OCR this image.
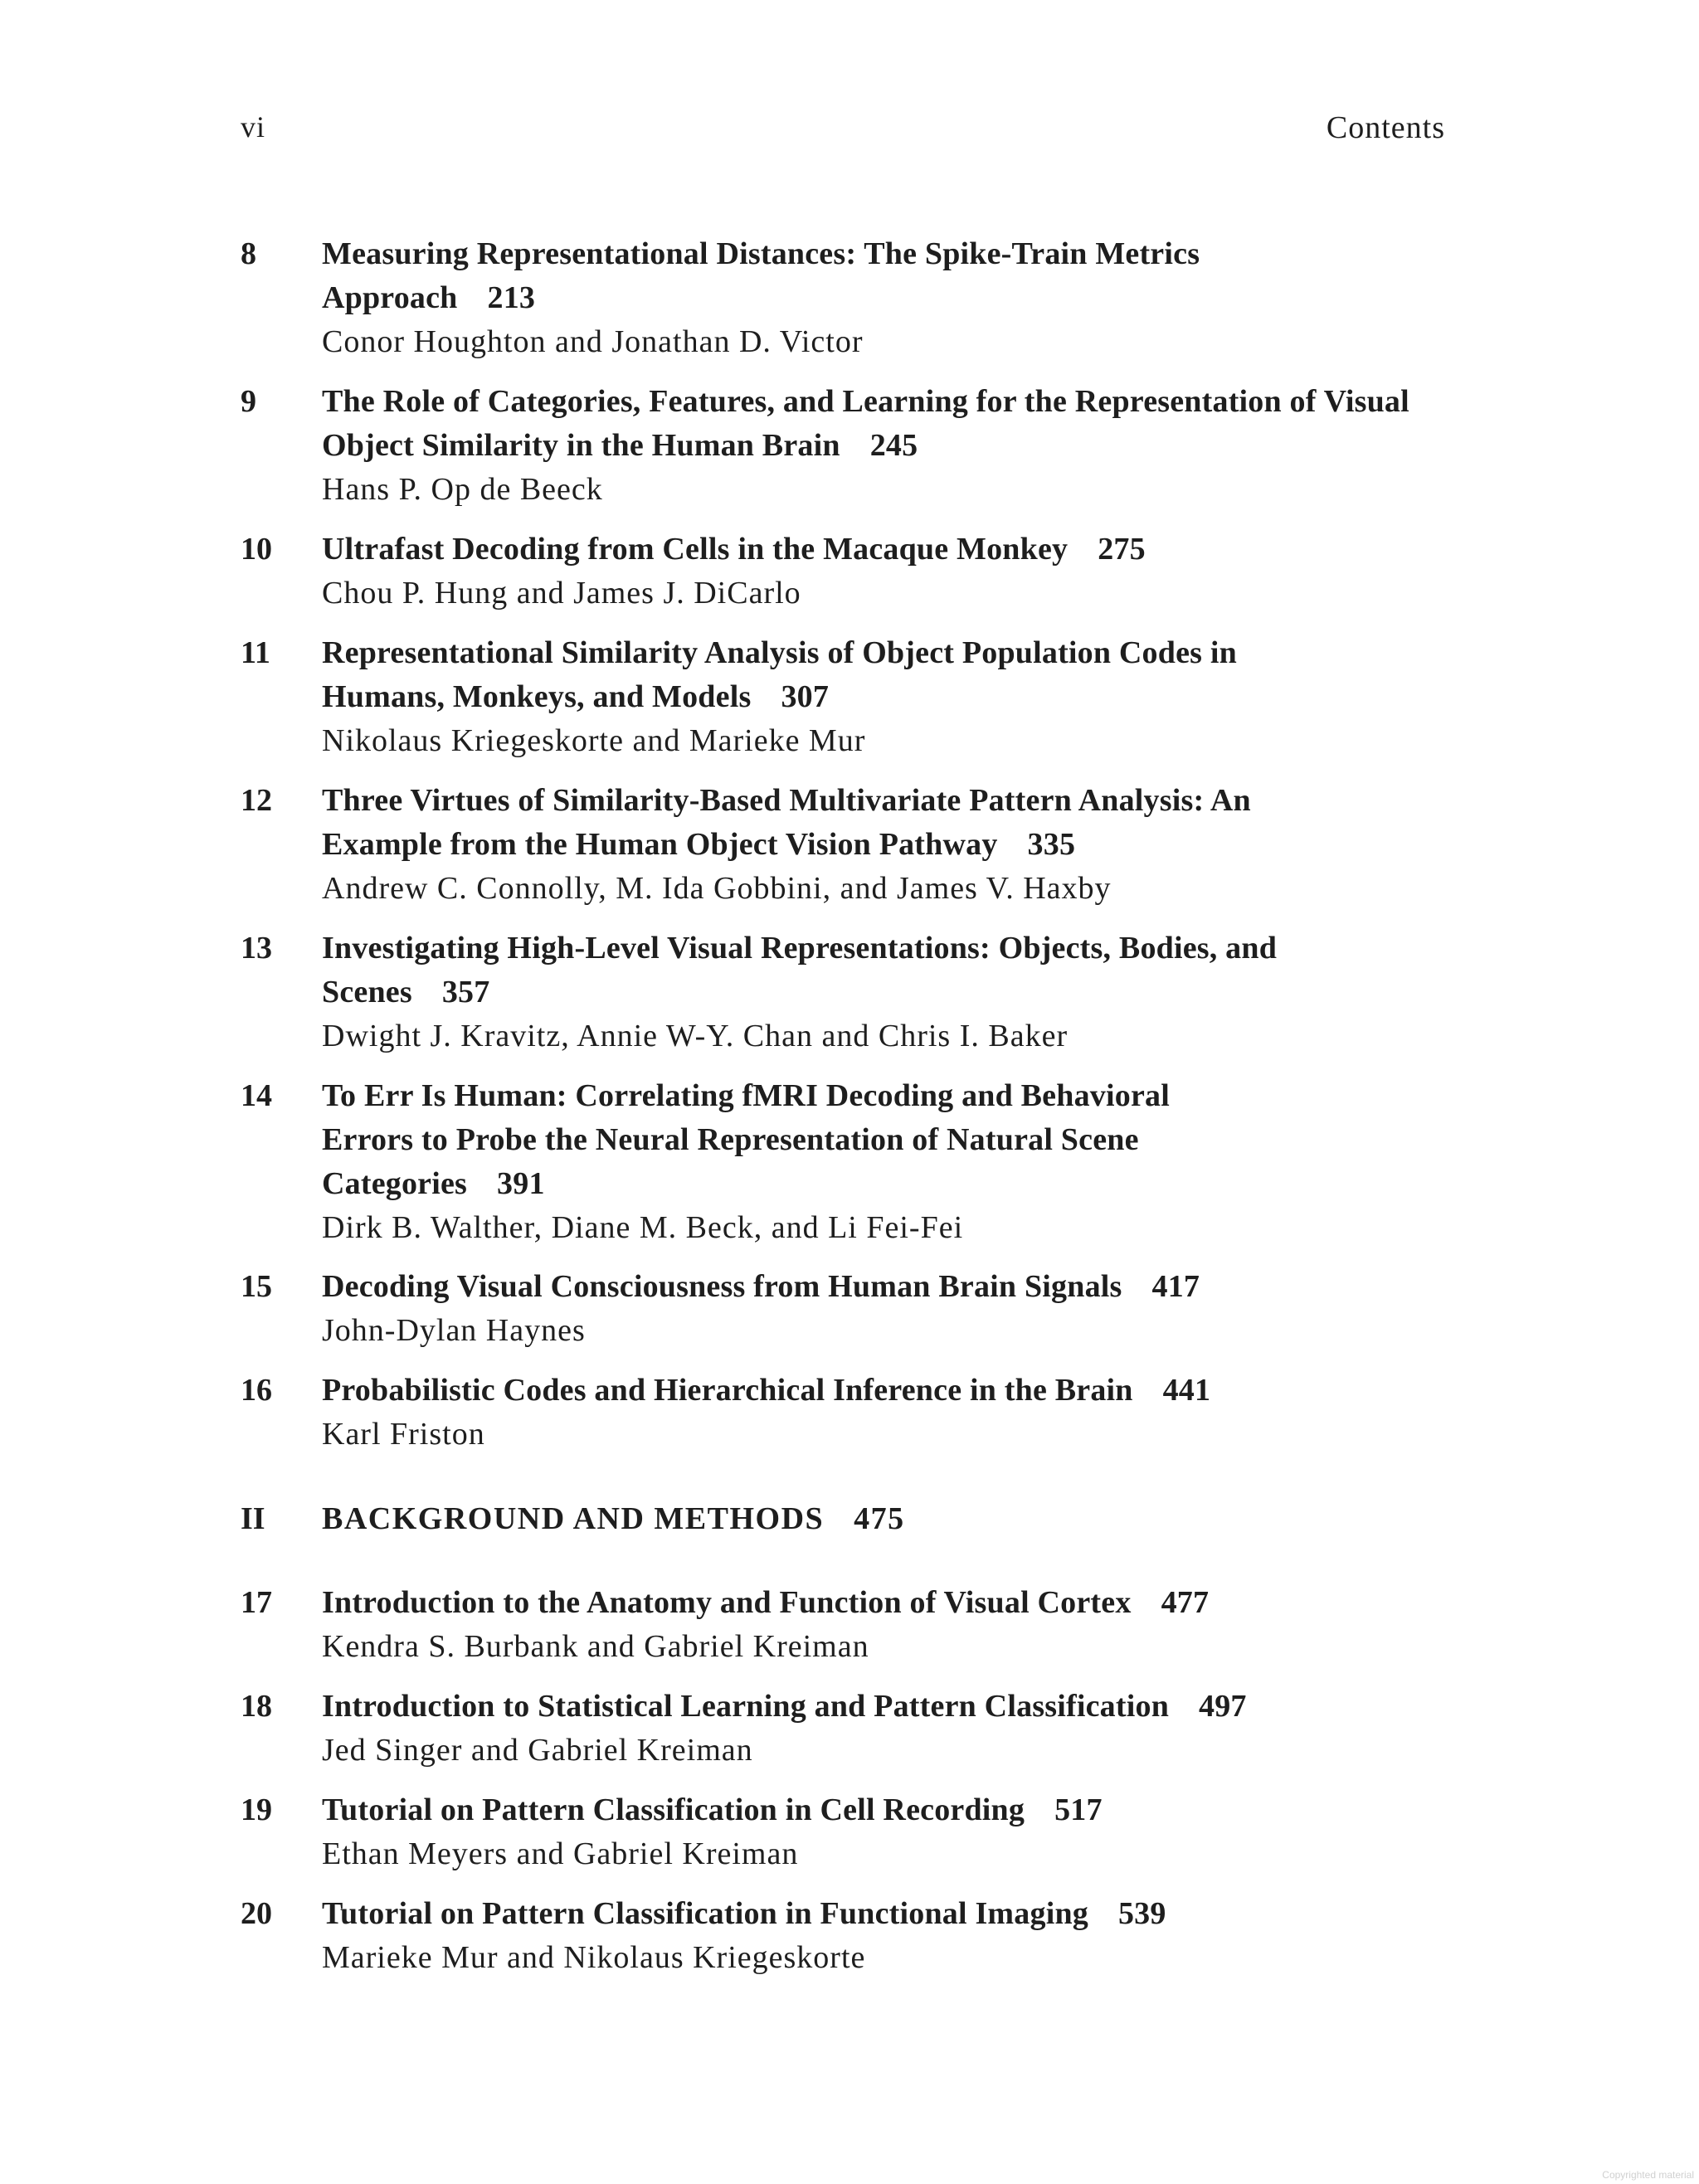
vi	Contents
8 Measuring Representational Distances: The Spike-Train Metrics Approach 213
Conor Houghton and Jonathan D. Victor
9 The Role of Categories, Features, and Learning for the Representation of Visual Object Similarity in the Human Brain 245
Hans P. Op de Beeck
10 Ultrafast Decoding from Cells in the Macaque Monkey 275
Chou P. Hung and James J. DiCarlo
11 Representational Similarity Analysis of Object Population Codes in Humans, Monkeys, and Models 307
Nikolaus Kriegeskorte and Marieke Mur
12 Three Virtues of Similarity-Based Multivariate Pattern Analysis: An Example from the Human Object Vision Pathway 335
Andrew C. Connolly, M. Ida Gobbini, and James V. Haxby
13 Investigating High-Level Visual Representations: Objects, Bodies, and Scenes 357
Dwight J. Kravitz, Annie W-Y. Chan and Chris I. Baker
14 To Err Is Human: Correlating fMRI Decoding and Behavioral Errors to Probe the Neural Representation of Natural Scene Categories 391
Dirk B. Walther, Diane M. Beck, and Li Fei-Fei
15 Decoding Visual Consciousness from Human Brain Signals 417
John-Dylan Haynes
16 Probabilistic Codes and Hierarchical Inference in the Brain 441
Karl Friston
II BACKGROUND AND METHODS 475
17 Introduction to the Anatomy and Function of Visual Cortex 477
Kendra S. Burbank and Gabriel Kreiman
18 Introduction to Statistical Learning and Pattern Classification 497
Jed Singer and Gabriel Kreiman
19 Tutorial on Pattern Classification in Cell Recording 517
Ethan Meyers and Gabriel Kreiman
20 Tutorial on Pattern Classification in Functional Imaging 539
Marieke Mur and Nikolaus Kriegeskorte
Copyrighted material
